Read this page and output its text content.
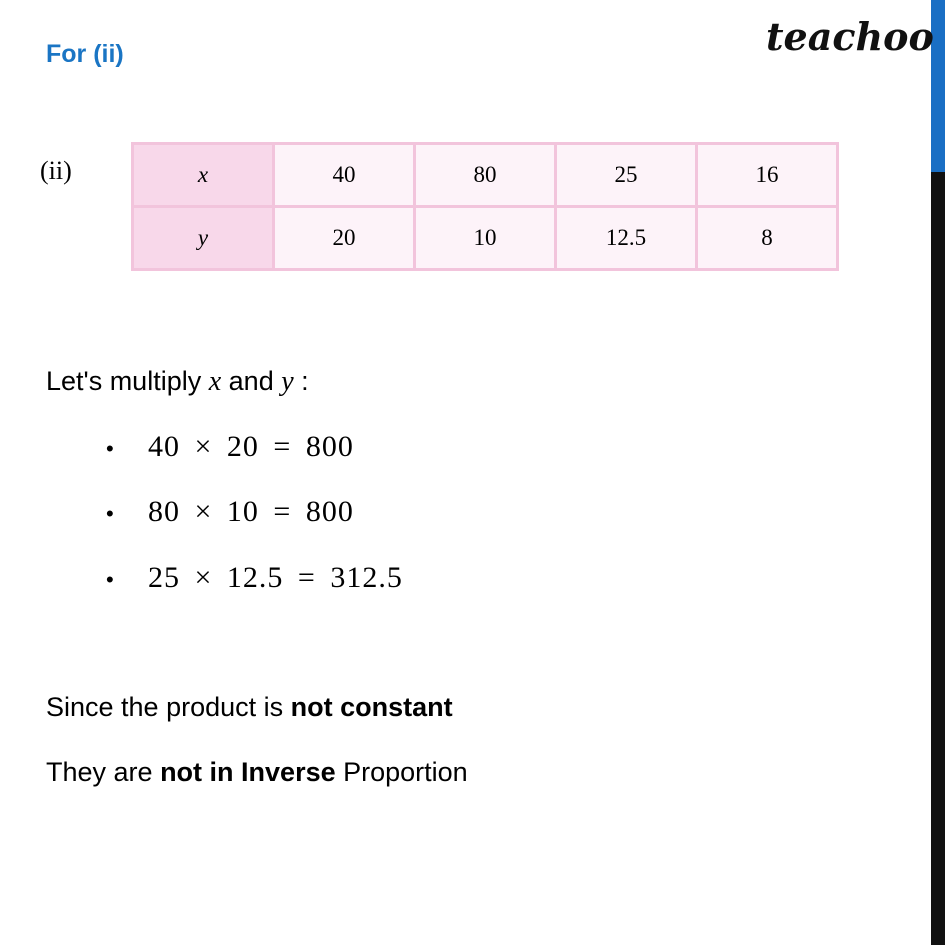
For (ii)	teachoo
(ii)	x	40	80	25	16
y	20	10	12.5	8
Let's multiply x and y :
• 40 × 20 = 800
• 80 × 10 = 800
• 25 × 12.5 = 312.5
Since the product is not constant
They are not in Inverse Proportion
